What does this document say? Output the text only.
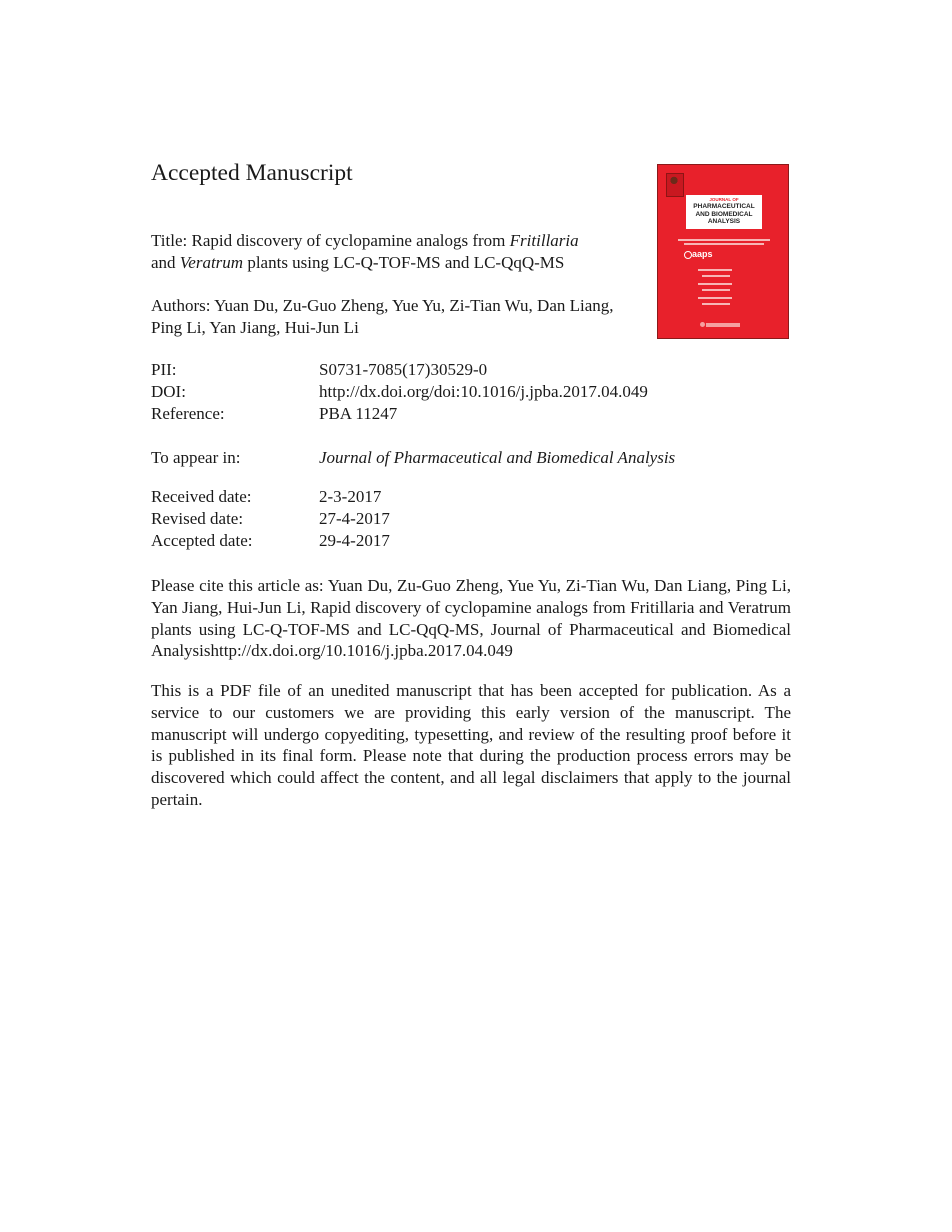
Accepted Manuscript
Title: Rapid discovery of cyclopamine analogs from Fritillaria
and Veratrum plants using LC-Q-TOF-MS and LC-QqQ-MS
Authors: Yuan Du, Zu-Guo Zheng, Yue Yu, Zi-Tian Wu, Dan Liang, Ping Li, Yan Jiang, Hui-Jun Li
PII:	S0731-7085(17)30529-0
DOI:	http://dx.doi.org/doi:10.1016/j.jpba.2017.04.049
Reference:	PBA 11247
To appear in:	Journal of Pharmaceutical and Biomedical Analysis
Received date:	2-3-2017
Revised date:	27-4-2017
Accepted date:	29-4-2017
Please cite this article as: Yuan Du, Zu-Guo Zheng, Yue Yu, Zi-Tian Wu, Dan Liang, Ping Li, Yan Jiang, Hui-Jun Li, Rapid discovery of cyclopamine analogs from Fritillaria and Veratrum plants using LC-Q-TOF-MS and LC-QqQ-MS, Journal of Pharmaceutical and Biomedical Analysishttp://dx.doi.org/10.1016/j.jpba.2017.04.049
This is a PDF file of an unedited manuscript that has been accepted for publication. As a service to our customers we are providing this early version of the manuscript. The manuscript will undergo copyediting, typesetting, and review of the resulting proof before it is published in its final form. Please note that during the production process errors may be discovered which could affect the content, and all legal disclaimers that apply to the journal pertain.
JOURNAL OF
PHARMACEUTICAL AND BIOMEDICAL ANALYSIS
aaps
